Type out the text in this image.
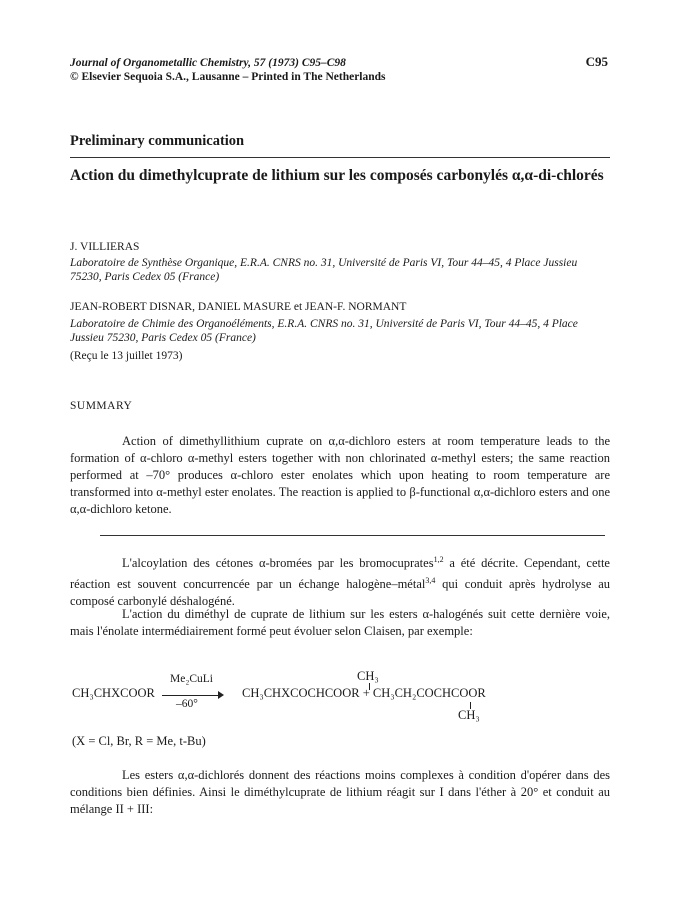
Journal of Organometallic Chemistry, 57 (1973) C95–C98
© Elsevier Sequoia S.A., Lausanne – Printed in The Netherlands
C95
Preliminary communication
Action du dimethylcuprate de lithium sur les composés carbonylés α,α-di-chlorés
J. VILLIERAS
Laboratoire de Synthèse Organique, E.R.A. CNRS no. 31, Université de Paris VI, Tour 44–45, 4 Place Jussieu 75230, Paris Cedex 05 (France)
JEAN-ROBERT DISNAR, DANIEL MASURE et JEAN-F. NORMANT
Laboratoire de Chimie des Organoéléments, E.R.A. CNRS no. 31, Université de Paris VI, Tour 44–45, 4 Place Jussieu 75230, Paris Cedex 05 (France)
(Reçu le 13 juillet 1973)
SUMMARY
Action of dimethyllithium cuprate on α,α-dichloro esters at room temperature leads to the formation of α-chloro α-methyl esters together with non chlorinated α-methyl esters; the same reaction performed at –70° produces α-chloro ester enolates which upon heating to room temperature are transformed into α-methyl ester enolates. The reaction is applied to β-functional α,α-dichloro esters and one α,α-dichloro ketone.
L'alcoylation des cétones α-bromées par les bromocuprates$^{1,2}$ a été décrite. Cependant, cette réaction est souvent concurrencée par un échange halogène–métal$^{3,4}$ qui conduit après hydrolyse au composé carbonylé déshalogéné.
L'action du diméthyl de cuprate de lithium sur les esters α-halogénés suit cette dernière voie, mais l'énolate intermédiairement formé peut évoluer selon Claisen, par exemple:
CH₃CHXCOOR
Me₂CuLi
–60°
CH₃
CH₃CHXCOCHCOOR + CH₃CH₂COCHCOOR
CH₃
(X = Cl, Br, R = Me, t-Bu)
Les esters α,α-dichlorés donnent des réactions moins complexes à condition d'opérer dans des conditions bien définies. Ainsi le diméthylcuprate de lithium réagit sur I dans l'éther à 20° et conduit au mélange II + III:
